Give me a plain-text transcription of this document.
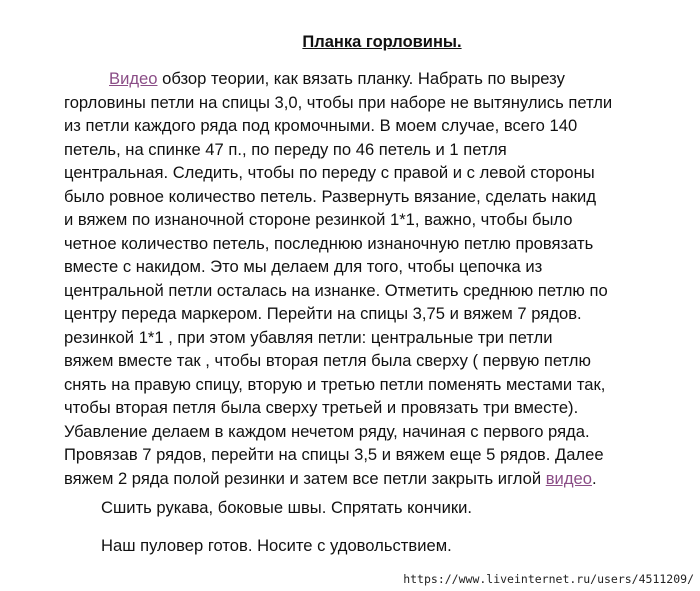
Планка горловины.
Видео обзор теории, как вязать планку. Набрать по вырезу
горловины петли на спицы 3,0, чтобы при наборе не вытянулись петли
из петли каждого ряда под кромочными. В моем случае, всего 140
петель, на спинке 47 п., по переду по 46 петель и 1 петля
центральная. Следить, чтобы по переду с правой и с левой стороны
было ровное количество петель. Развернуть вязание, сделать накид
и вяжем по изнаночной стороне резинкой 1*1, важно, чтобы было
четное количество петель, последнюю изнаночную петлю провязать
вместе с накидом. Это мы делаем для того, чтобы цепочка из
центральной петли осталась на изнанке. Отметить среднюю петлю по
центру переда маркером. Перейти на спицы 3,75 и вяжем 7 рядов.
резинкой 1*1 , при этом убавляя петли: центральные три петли
вяжем вместе так , чтобы вторая петля была сверху ( первую петлю
снять на правую спицу, вторую и третью петли поменять местами так,
чтобы вторая петля была сверху третьей и провязать три вместе).
Убавление делаем в каждом нечетом ряду, начиная с первого ряда.
Провязав 7 рядов, перейти на спицы 3,5 и вяжем еще 5 рядов. Далее
вяжем 2 ряда полой резинки и затем все петли закрыть иглой видео.

Сшить рукава, боковые швы. Спрятать кончики.

Наш пуловер готов. Носите с удовольствием.

https://www.liveinternet.ru/users/4511209/
